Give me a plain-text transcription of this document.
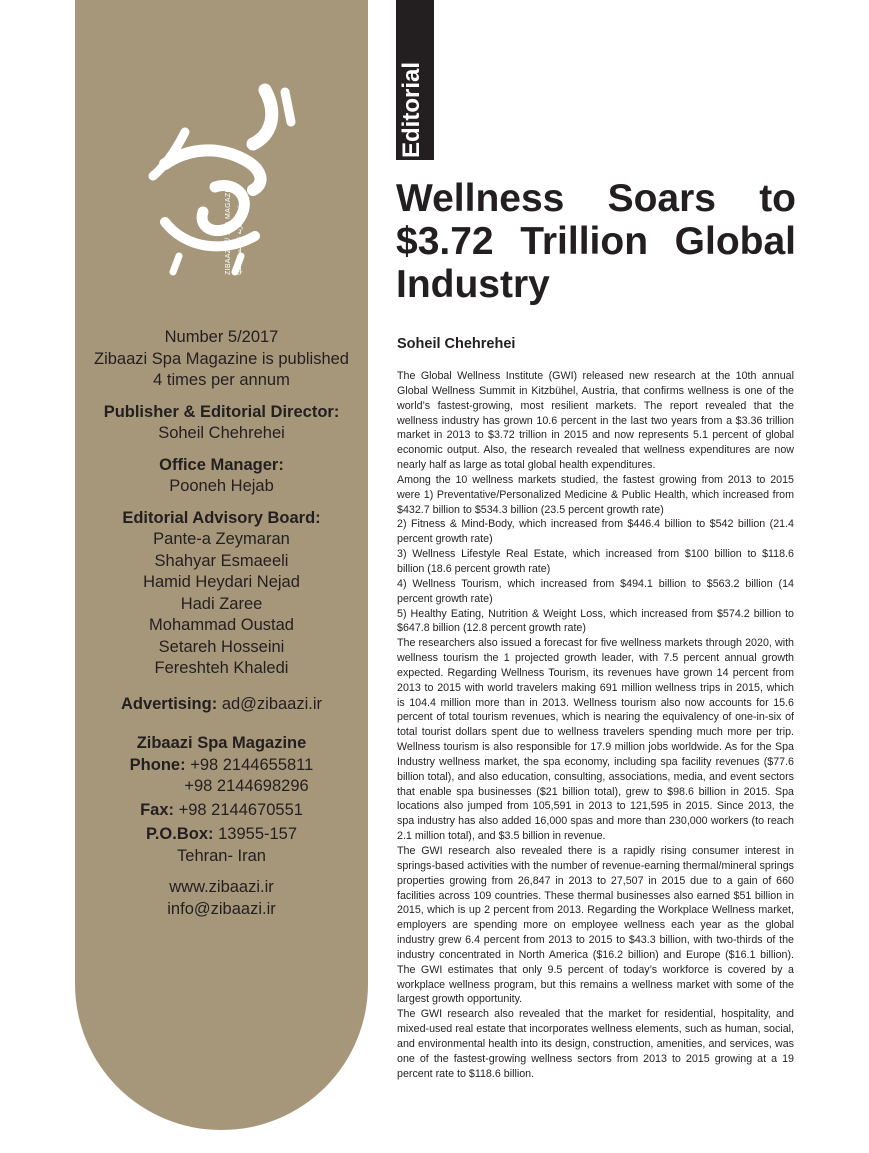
ZIBAAZI /// SPA MAGAZINE نخستین نشریه تخصصی اسپا
Number 5/2017
Zibaazi Spa Magazine is published
4 times per annum
Publisher & Editorial Director:
Soheil Chehrehei
Office Manager:
Pooneh Hejab
Editorial Advisory Board:
Pante-a Zeymaran
Shahyar Esmaeeli
Hamid Heydari Nejad
Hadi Zaree
Mohammad Oustad
Setareh Hosseini
Fereshteh Khaledi
Advertising: ad@zibaazi.ir
Zibaazi Spa Magazine
Phone: +98 2144655811
+98 2144698296
Fax: +98 2144670551
P.O.Box: 13955-157
Tehran- Iran
www.zibaazi.ir
info@zibaazi.ir
Editorial
Wellness Soars to $3.72 Trillion Global Industry

Soheil Chehrehei

The Global Wellness Institute (GWI) released new research at the 10th annual Global Wellness Summit in Kitzbühel, Austria, that confirms wellness is one of the world’s fastest-growing, most resilient markets. The report revealed that the wellness industry has grown 10.6 percent in the last two years from a $3.36 trillion market in 2013 to $3.72 trillion in 2015 and now represents 5.1 percent of global economic output. Also, the research revealed that wellness expenditures are now nearly half as large as total global health expenditures.

Among the 10 wellness markets studied, the fastest growing from 2013 to 2015 were 1) Preventative/Personalized Medicine & Public Health, which increased from $432.7 billion to $534.3 billion (23.5 percent growth rate)

2) Fitness & Mind-Body, which increased from $446.4 billion to $542 billion (21.4 percent growth rate)

3) Wellness Lifestyle Real Estate, which increased from $100 billion to $118.6 billion (18.6 percent growth rate)

4) Wellness Tourism, which increased from $494.1 billion to $563.2 billion (14 percent growth rate)

5) Healthy Eating, Nutrition & Weight Loss, which increased from $574.2 billion to $647.8 billion (12.8 percent growth rate)

The researchers also issued a forecast for five wellness markets through 2020, with wellness tourism the 1 projected growth leader, with 7.5 percent annual growth expected. Regarding Wellness Tourism, its revenues have grown 14 percent from 2013 to 2015 with world travelers making 691 million wellness trips in 2015, which is 104.4 million more than in 2013. Wellness tourism also now accounts for 15.6 percent of total tourism revenues, which is nearing the equivalency of one-in-six of total tourist dollars spent due to wellness travelers spending much more per trip. Wellness tourism is also responsible for 17.9 million jobs worldwide. As for the Spa Industry wellness market, the spa economy, including spa facility revenues ($77.6 billion total), and also education, consulting, associations, media, and event sectors that enable spa businesses ($21 billion total), grew to $98.6 billion in 2015. Spa locations also jumped from 105,591 in 2013 to 121,595 in 2015. Since 2013, the spa industry has also added 16,000 spas and more than 230,000 workers (to reach 2.1 million total), and $3.5 billion in revenue.

The GWI research also revealed there is a rapidly rising consumer interest in springs-based activities with the number of revenue-earning thermal/mineral springs properties growing from 26,847 in 2013 to 27,507 in 2015 due to a gain of 660 facilities across 109 countries. These thermal businesses also earned $51 billion in 2015, which is up 2 percent from 2013. Regarding the Workplace Wellness market, employers are spending more on employee wellness each year as the global industry grew 6.4 percent from 2013 to 2015 to $43.3 billion, with two-thirds of the industry concentrated in North America ($16.2 billion) and Europe ($16.1 billion). The GWI estimates that only 9.5 percent of today’s workforce is covered by a workplace wellness program, but this remains a wellness market with some of the largest growth opportunity.

The GWI research also revealed that the market for residential, hospitality, and mixed-used real estate that incorporates wellness elements, such as human, social, and environmental health into its design, construction, amenities, and services, was one of the fastest-growing wellness sectors from 2013 to 2015 growing at a 19 percent rate to $118.6 billion.
